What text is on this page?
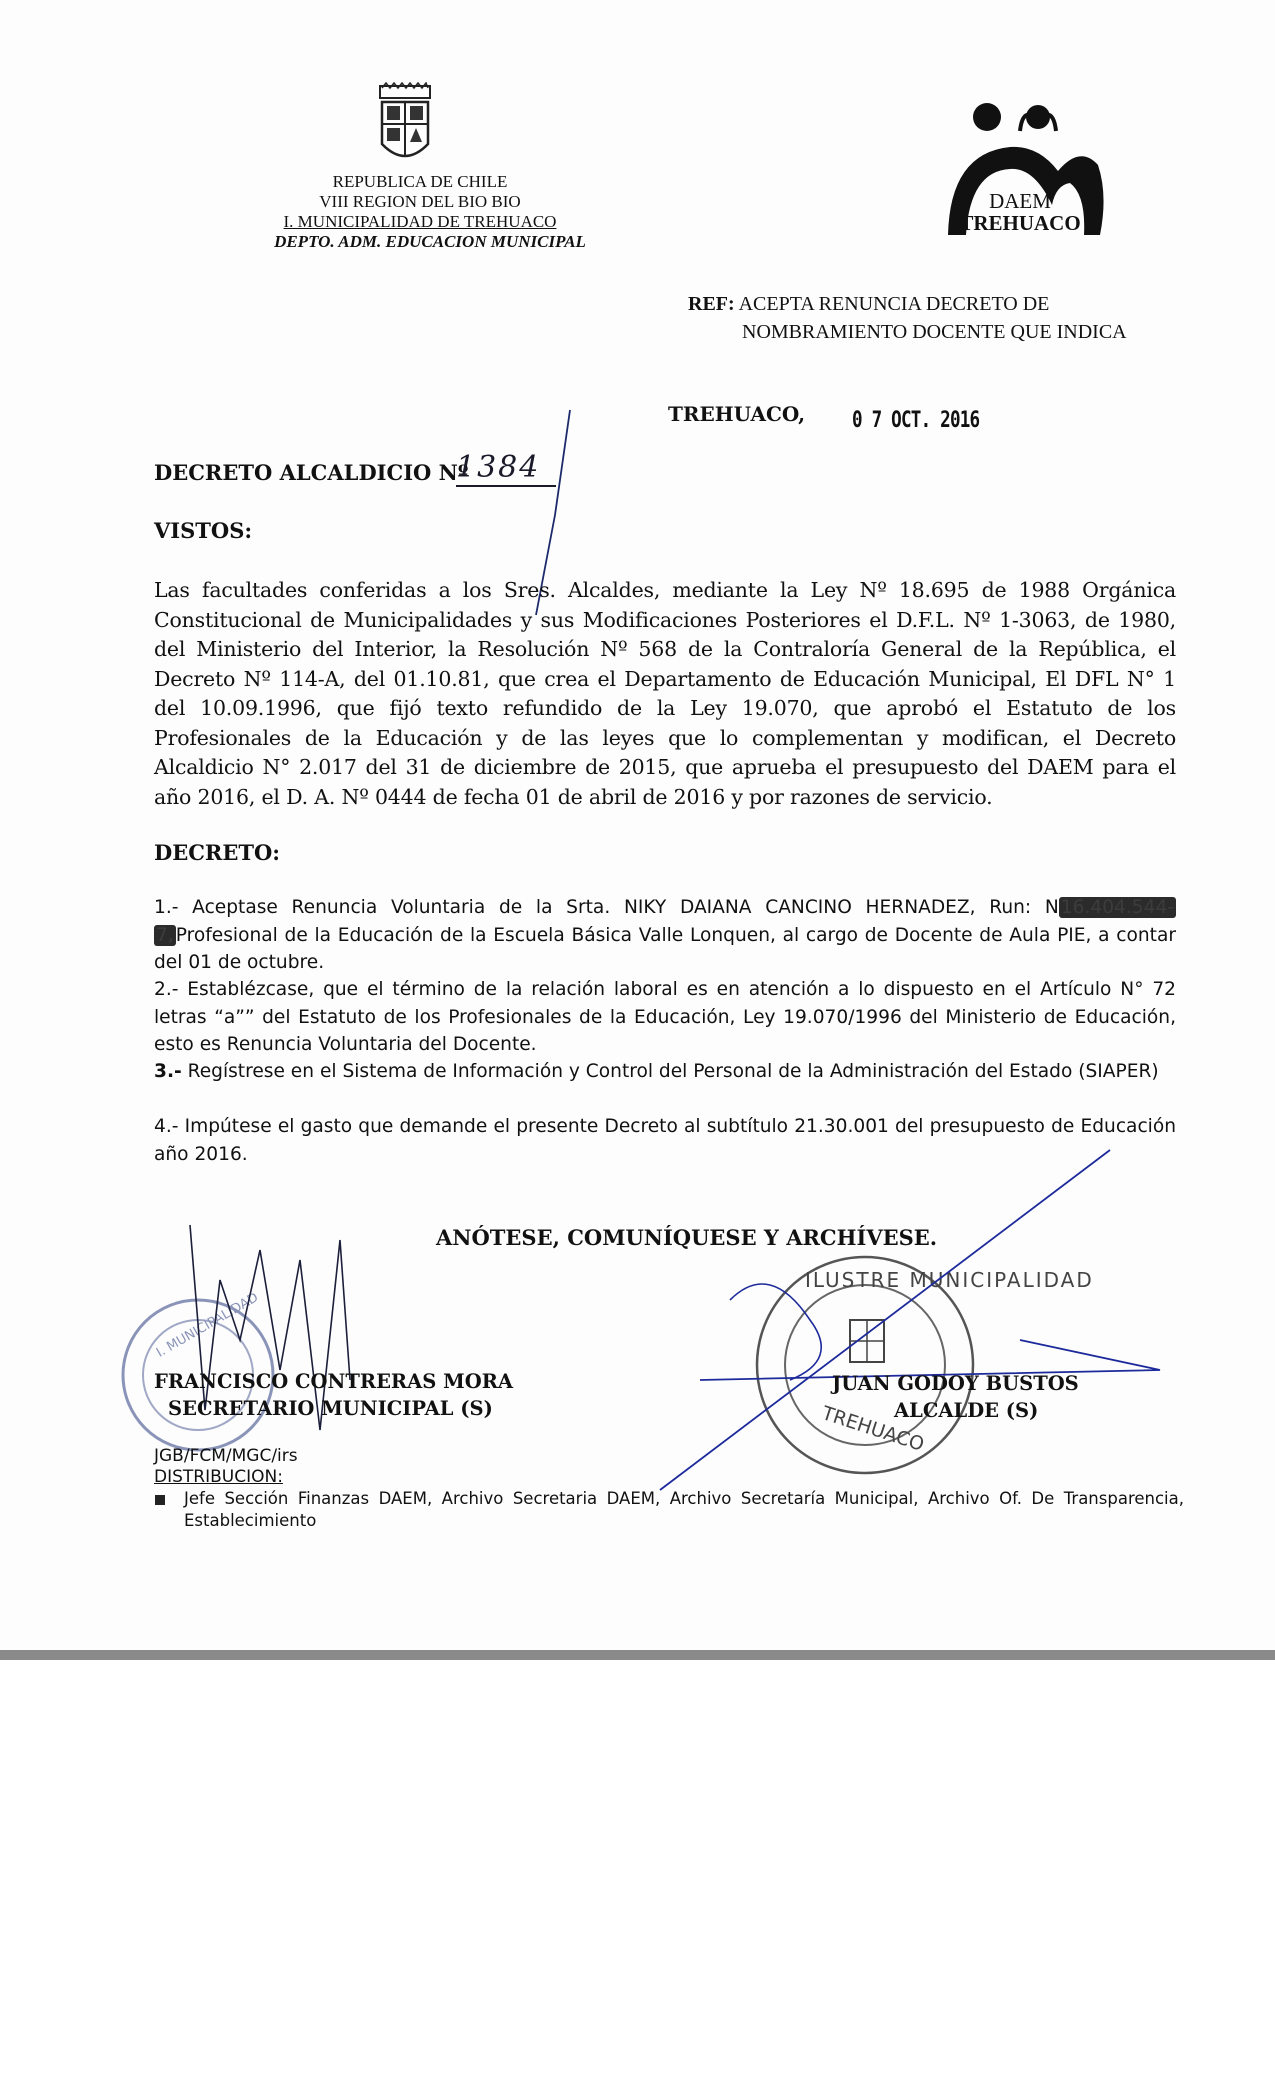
REPUBLICA DE CHILE
VIII REGION DEL BIO BIO
I. MUNICIPALIDAD DE TREHUACO
DEPTO. ADM. EDUCACION MUNICIPAL
DAEM
TREHUACO
REF: ACEPTA RENUNCIA DECRETO DE
NOMBRAMIENTO DOCENTE QUE INDICA
TREHUACO, 0 7 OCT. 2016
DECRETO ALCALDICIO Nº
1384
VISTOS:
Las facultades conferidas a los Sres. Alcaldes, mediante la Ley Nº 18.695 de 1988 Orgánica Constitucional de Municipalidades y sus Modificaciones Posteriores el D.F.L. Nº 1-3063, de 1980, del Ministerio del Interior, la Resolución Nº 568 de la Contraloría General de la República, el Decreto Nº 114-A, del 01.10.81, que crea el Departamento de Educación Municipal, El DFL N° 1 del 10.09.1996, que fijó texto refundido de la Ley 19.070, que aprobó el Estatuto de los Profesionales de la Educación y de las leyes que lo complementan y modifican, el Decreto Alcaldicio N° 2.017 del 31 de diciembre de 2015, que aprueba el presupuesto del DAEM para el año 2016, el D. A. Nº 0444 de fecha 01 de abril de 2016 y por razones de servicio.
DECRETO:
1.- Aceptase Renuncia Voluntaria de la Srta. NIKY DAIANA CANCINO HERNADEZ, Run: N 16.404.544- 7, Profesional de la Educación de la Escuela Básica Valle Lonquen, al cargo de Docente de Aula PIE, a contar del 01 de octubre.
2.- Establézcase, que el término de la relación laboral es en atención a lo dispuesto en el Artículo N° 72 letras “a”” del Estatuto de los Profesionales de la Educación, Ley 19.070/1996 del Ministerio de Educación, esto es Renuncia Voluntaria del Docente.
3.- Regístrese en el Sistema de Información y Control del Personal de la Administración del Estado (SIAPER)
4.- Impútese el gasto que demande el presente Decreto al subtítulo 21.30.001 del presupuesto de Educación año 2016.
ANÓTESE, COMUNÍQUESE Y ARCHÍVESE.
I. MUNICIPALIDAD
ILUSTRE MUNICIPALIDAD
TREHUACO
FRANCISCO CONTRERAS MORA
SECRETARIO MUNICIPAL (S)
JUAN GODOY BUSTOS
ALCALDE (S)
JGB/FCM/MGC/irs
DISTRIBUCION:
Jefe Sección Finanzas DAEM, Archivo Secretaria DAEM, Archivo Secretaría Municipal, Archivo Of. De Transparencia, Establecimiento
